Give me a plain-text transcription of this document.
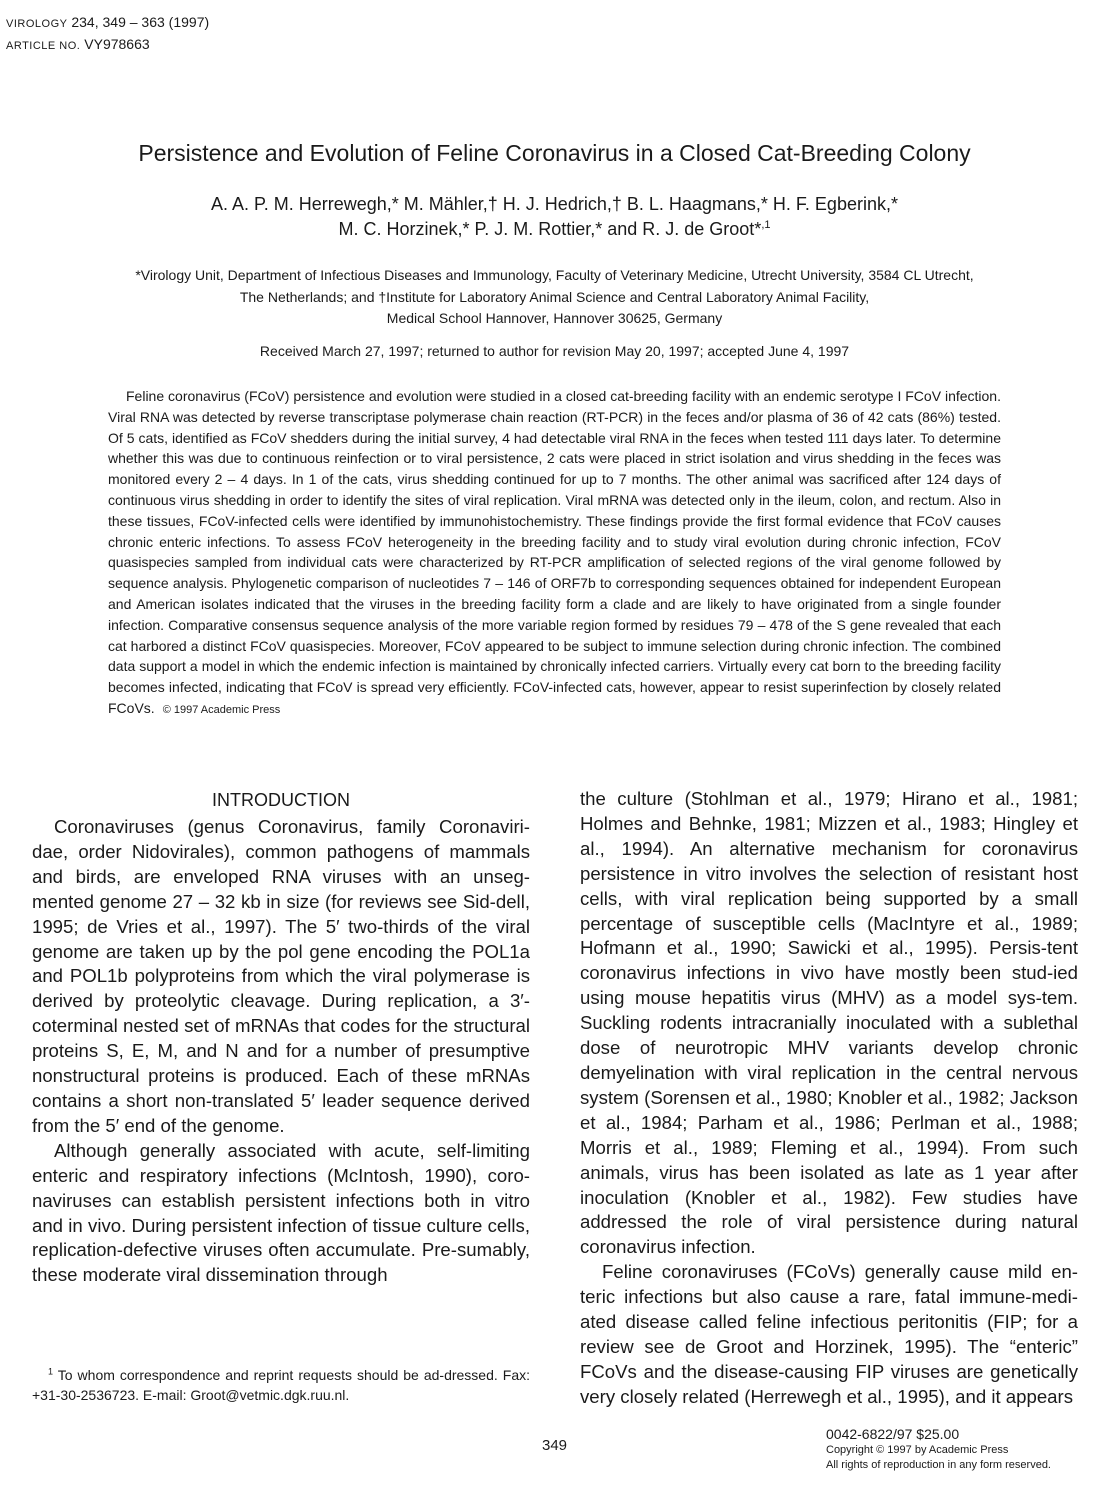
VIROLOGY 234, 349 – 363 (1997)
ARTICLE NO. VY978663
Persistence and Evolution of Feline Coronavirus in a Closed Cat-Breeding Colony
A. A. P. M. Herrewegh,* M. Mähler,† H. J. Hedrich,† B. L. Haagmans,* H. F. Egberink,*
M. C. Horzinek,* P. J. M. Rottier,* and R. J. de Groot*$^{,1}$
*Virology Unit, Department of Infectious Diseases and Immunology, Faculty of Veterinary Medicine, Utrecht University, 3584 CL Utrecht,
The Netherlands; and †Institute for Laboratory Animal Science and Central Laboratory Animal Facility,
Medical School Hannover, Hannover 30625, Germany
Received March 27, 1997; returned to author for revision May 20, 1997; accepted June 4, 1997
Feline coronavirus (FCoV) persistence and evolution were studied in a closed cat-breeding facility with an endemic serotype I FCoV infection. Viral RNA was detected by reverse transcriptase polymerase chain reaction (RT-PCR) in the feces and/or plasma of 36 of 42 cats (86%) tested. Of 5 cats, identified as FCoV shedders during the initial survey, 4 had detectable viral RNA in the feces when tested 111 days later. To determine whether this was due to continuous reinfection or to viral persistence, 2 cats were placed in strict isolation and virus shedding in the feces was monitored every 2 – 4 days. In 1 of the cats, virus shedding continued for up to 7 months. The other animal was sacrificed after 124 days of continuous virus shedding in order to identify the sites of viral replication. Viral mRNA was detected only in the ileum, colon, and rectum. Also in these tissues, FCoV-infected cells were identified by immunohistochemistry. These findings provide the first formal evidence that FCoV causes chronic enteric infections. To assess FCoV heterogeneity in the breeding facility and to study viral evolution during chronic infection, FCoV quasispecies sampled from individual cats were characterized by RT-PCR amplification of selected regions of the viral genome followed by sequence analysis. Phylogenetic comparison of nucleotides 7 – 146 of ORF7b to corresponding sequences obtained for independent European and American isolates indicated that the viruses in the breeding facility form a clade and are likely to have originated from a single founder infection. Comparative consensus sequence analysis of the more variable region formed by residues 79 – 478 of the S gene revealed that each cat harbored a distinct FCoV quasispecies. Moreover, FCoV appeared to be subject to immune selection during chronic infection. The combined data support a model in which the endemic infection is maintained by chronically infected carriers. Virtually every cat born to the breeding facility becomes infected, indicating that FCoV is spread very efficiently. FCoV-infected cats, however, appear to resist superinfection by closely related FCoVs. © 1997 Academic Press
INTRODUCTION

Coronaviruses (genus Coronavirus, family Coronaviri-dae, order Nidovirales), common pathogens of mammals and birds, are enveloped RNA viruses with an unseg-mented genome 27 – 32 kb in size (for reviews see Sid-dell, 1995; de Vries et al., 1997). The 5′ two-thirds of the viral genome are taken up by the pol gene encoding the POL1a and POL1b polyproteins from which the viral polymerase is derived by proteolytic cleavage. During replication, a 3′-coterminal nested set of mRNAs that codes for the structural proteins S, E, M, and N and for a number of presumptive nonstructural proteins is produced. Each of these mRNAs contains a short non-translated 5′ leader sequence derived from the 5′ end of the genome.

Although generally associated with acute, self-limiting enteric and respiratory infections (McIntosh, 1990), coro-naviruses can establish persistent infections both in vitro and in vivo. During persistent infection of tissue culture cells, replication-defective viruses often accumulate. Pre-sumably, these moderate viral dissemination through

the culture (Stohlman et al., 1979; Hirano et al., 1981; Holmes and Behnke, 1981; Mizzen et al., 1983; Hingley et al., 1994). An alternative mechanism for coronavirus persistence in vitro involves the selection of resistant host cells, with viral replication being supported by a small percentage of susceptible cells (MacIntyre et al., 1989; Hofmann et al., 1990; Sawicki et al., 1995). Persis-tent coronavirus infections in vivo have mostly been stud-ied using mouse hepatitis virus (MHV) as a model sys-tem. Suckling rodents intracranially inoculated with a sublethal dose of neurotropic MHV variants develop chronic demyelination with viral replication in the central nervous system (Sorensen et al., 1980; Knobler et al., 1982; Jackson et al., 1984; Parham et al., 1986; Perlman et al., 1988; Morris et al., 1989; Fleming et al., 1994). From such animals, virus has been isolated as late as 1 year after inoculation (Knobler et al., 1982). Few studies have addressed the role of viral persistence during natural coronavirus infection.

Feline coronaviruses (FCoVs) generally cause mild en-teric infections but also cause a rare, fatal immune-medi-ated disease called feline infectious peritonitis (FIP; for a review see de Groot and Horzinek, 1995). The “enteric” FCoVs and the disease-causing FIP viruses are genetically very closely related (Herrewegh et al., 1995), and it appears

$^1$ To whom correspondence and reprint requests should be ad-dressed. Fax: +31-30-2536723. E-mail: Groot@vetmic.dgk.ruu.nl.
349
0042-6822/97 $25.00
Copyright © 1997 by Academic Press
All rights of reproduction in any form reserved.
